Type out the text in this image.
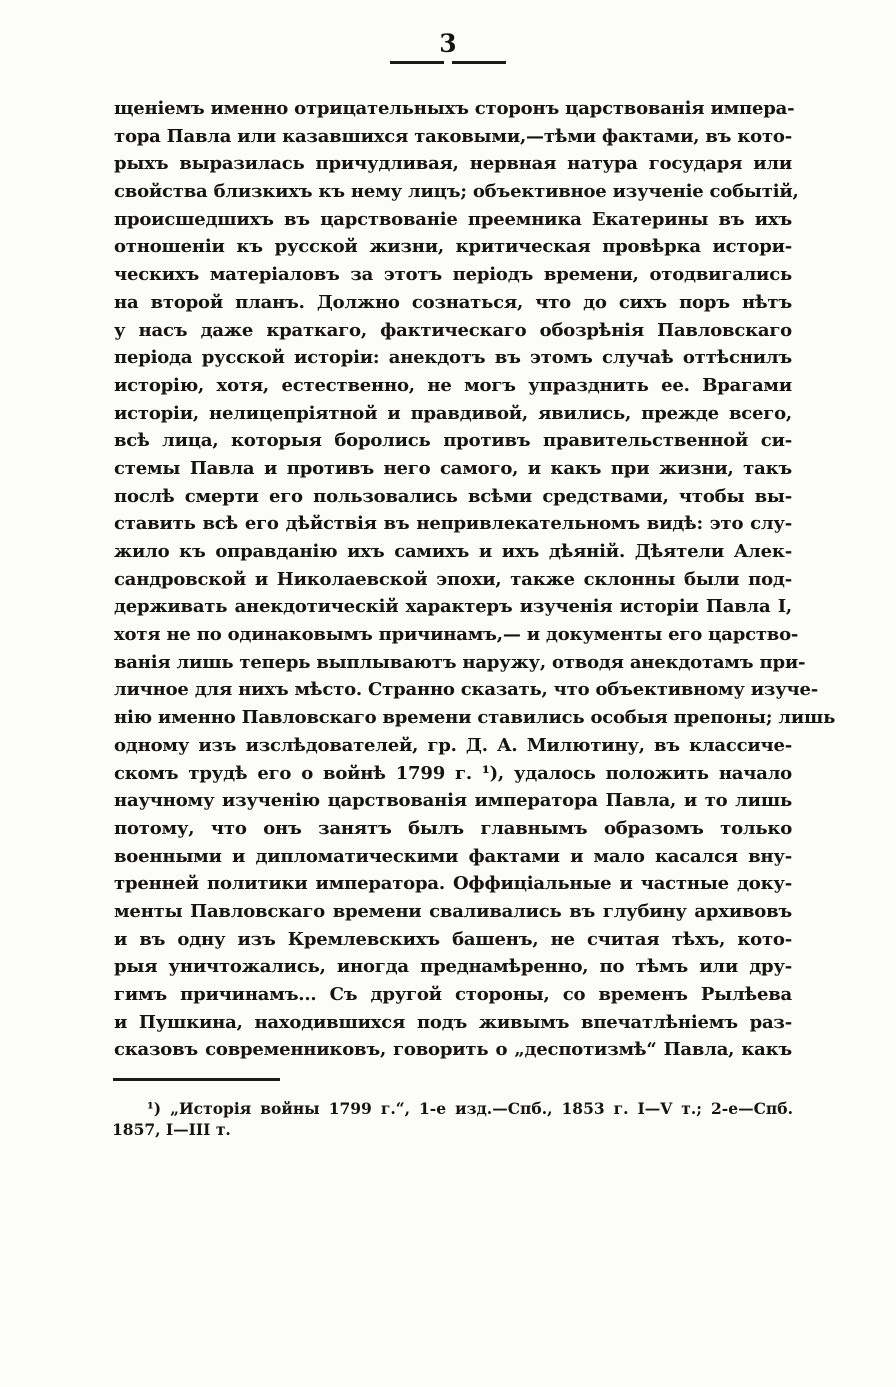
3
щеніемъ именно отрицательныхъ сторонъ царствованія импера-
тора Павла или казавшихся таковыми,—тѣми фактами, въ кото-
рыхъ выразилась причудливая, нервная натура государя или
свойства близкихъ къ нему лицъ; объективное изученіе событій,
происшедшихъ въ царствованіе преемника Екатерины въ ихъ
отношеніи къ русской жизни, критическая провѣрка истори-
ческихъ матеріаловъ за этотъ періодъ времени, отодвигались
на второй планъ. Должно сознаться, что до сихъ поръ нѣтъ
у насъ даже краткаго, фактическаго обозрѣнія Павловскаго
періода русской исторіи: анекдотъ въ этомъ случаѣ оттѣснилъ
исторію, хотя, естественно, не могъ упразднить ее. Врагами
исторіи, нелицепріятной и правдивой, явились, прежде всего,
всѣ лица, которыя боролись противъ правительственной си-
стемы Павла и противъ него самого, и какъ при жизни, такъ
послѣ смерти его пользовались всѣми средствами, чтобы вы-
ставить всѣ его дѣйствія въ непривлекательномъ видѣ: это слу-
жило къ оправданію ихъ самихъ и ихъ дѣяній. Дѣятели Алек-
сандровской и Николаевской эпохи, также склонны были под-
держивать анекдотическій характеръ изученія исторіи Павла I,
хотя не по одинаковымъ причинамъ,— и документы его царство-
ванія лишь теперь выплываютъ наружу, отводя анекдотамъ при-
личное для нихъ мѣсто. Странно сказать, что объективному изуче-
нію именно Павловскаго времени ставились особыя препоны; лишь
одному изъ изслѣдователей, гр. Д. А. Милютину, въ классиче-
скомъ трудѣ его о войнѣ 1799 г. ¹), удалось положить начало
научному изученію царствованія императора Павла, и то лишь
потому, что онъ занятъ былъ главнымъ образомъ только
военными и дипломатическими фактами и мало касался вну-
тренней политики императора. Оффиціальные и частные доку-
менты Павловскаго времени сваливались въ глубину архивовъ
и въ одну изъ Кремлевскихъ башенъ, не считая тѣхъ, кото-
рыя уничтожались, иногда преднамѣренно, по тѣмъ или дру-
гимъ причинамъ... Съ другой стороны, со временъ Рылѣева
и Пушкина, находившихся подъ живымъ впечатлѣніемъ раз-
сказовъ современниковъ, говорить о „деспотизмѣ“ Павла, какъ
¹) „Исторія войны 1799 г.“, 1-е изд.—Спб., 1853 г. I—V т.; 2-е—Спб.
1857, I—III т.
